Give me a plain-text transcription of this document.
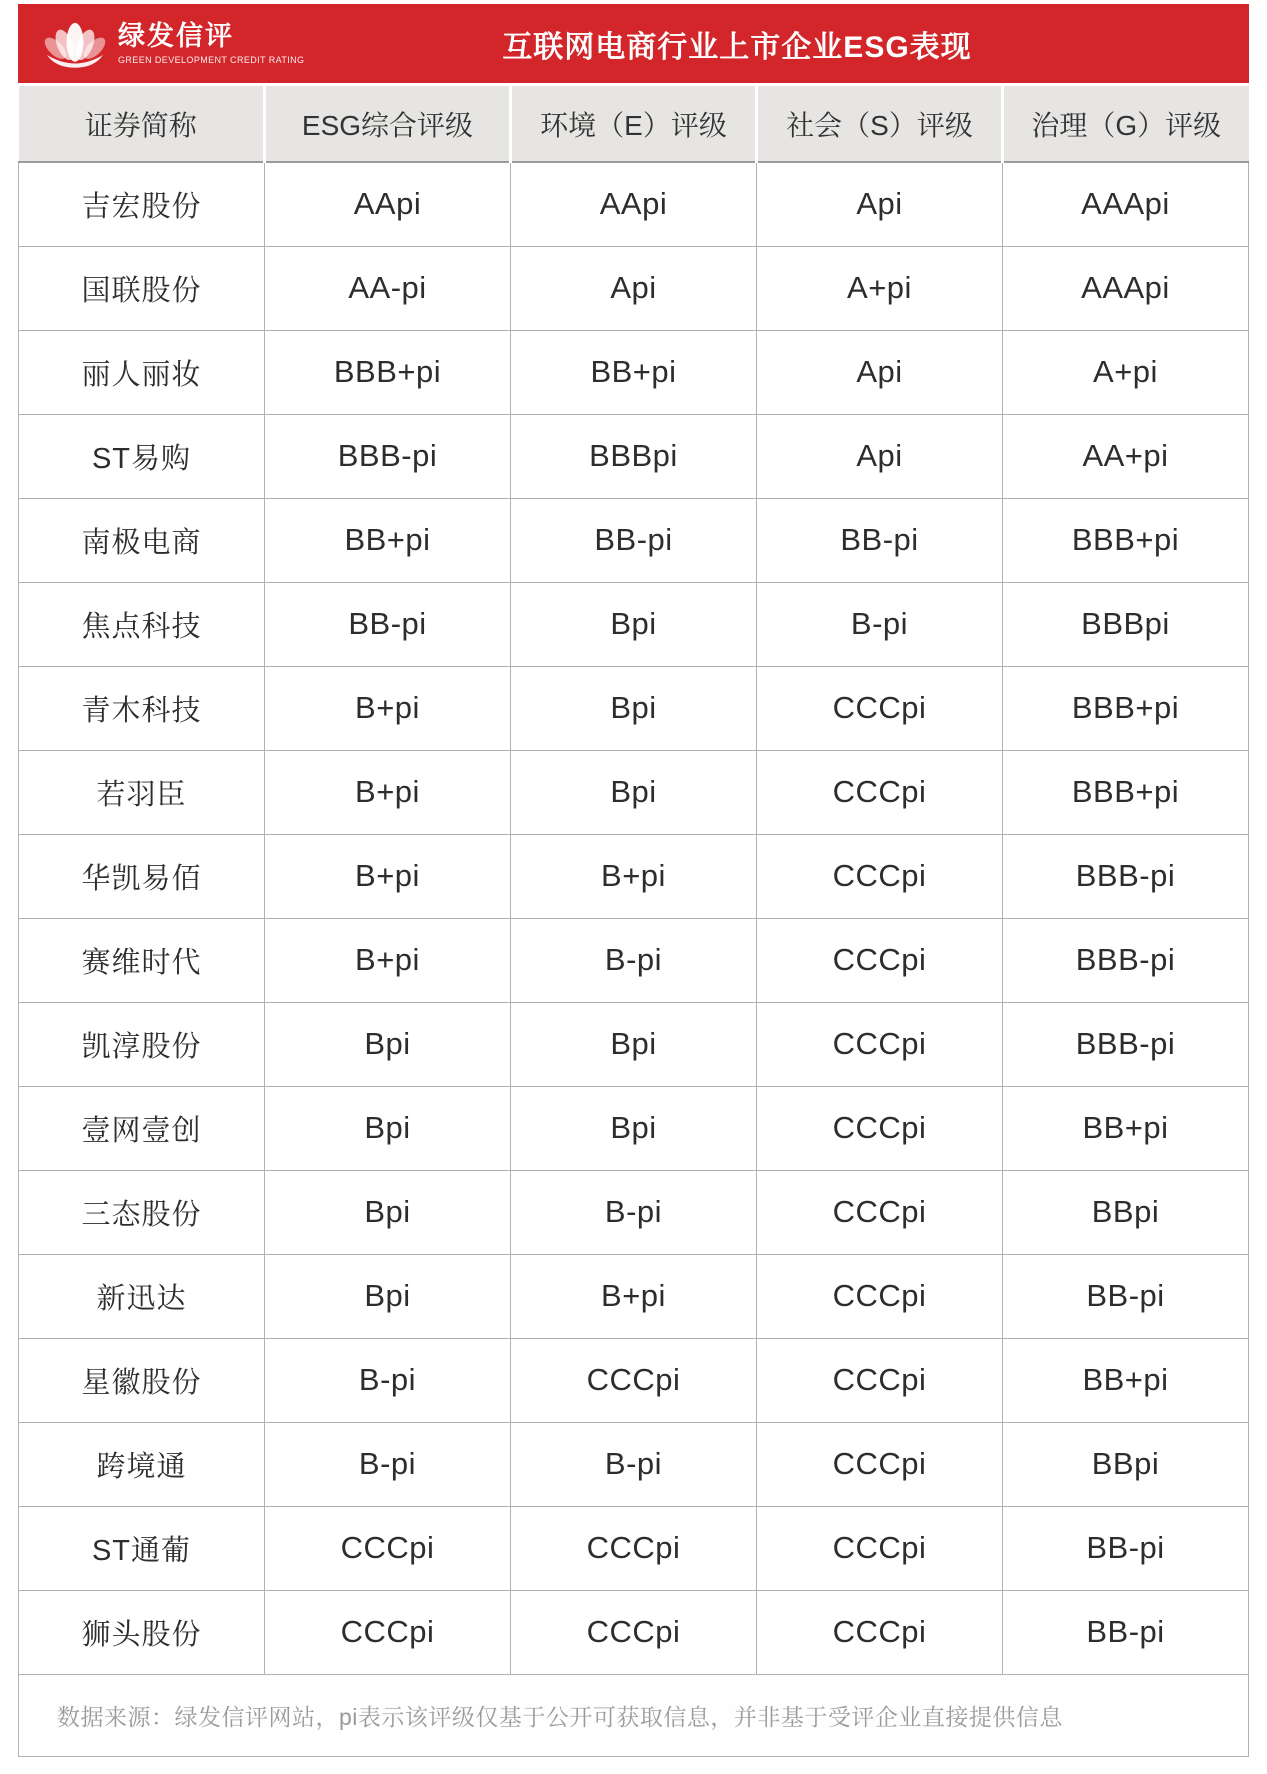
绿发信评
GREEN DEVELOPMENT CREDIT RATING	互联网电商行业上市企业ESG表现
证券简称	ESG综合评级	环境（E）评级	社会（S）评级	治理（G）评级
吉宏股份	AApi	AApi	Api	AAApi
国联股份	AA-pi	Api	A+pi	AAApi
丽人丽妆	BBB+pi	BB+pi	Api	A+pi
ST易购	BBB-pi	BBBpi	Api	AA+pi
南极电商	BB+pi	BB-pi	BB-pi	BBB+pi
焦点科技	BB-pi	Bpi	B-pi	BBBpi
青木科技	B+pi	Bpi	CCCpi	BBB+pi
若羽臣	B+pi	Bpi	CCCpi	BBB+pi
华凯易佰	B+pi	B+pi	CCCpi	BBB-pi
赛维时代	B+pi	B-pi	CCCpi	BBB-pi
凯淳股份	Bpi	Bpi	CCCpi	BBB-pi
壹网壹创	Bpi	Bpi	CCCpi	BB+pi
三态股份	Bpi	B-pi	CCCpi	BBpi
新迅达	Bpi	B+pi	CCCpi	BB-pi
星徽股份	B-pi	CCCpi	CCCpi	BB+pi
跨境通	B-pi	B-pi	CCCpi	BBpi
ST通葡	CCCpi	CCCpi	CCCpi	BB-pi
狮头股份	CCCpi	CCCpi	CCCpi	BB-pi
数据来源：绿发信评网站，pi表示该评级仅基于公开可获取信息，并非基于受评企业直接提供信息
